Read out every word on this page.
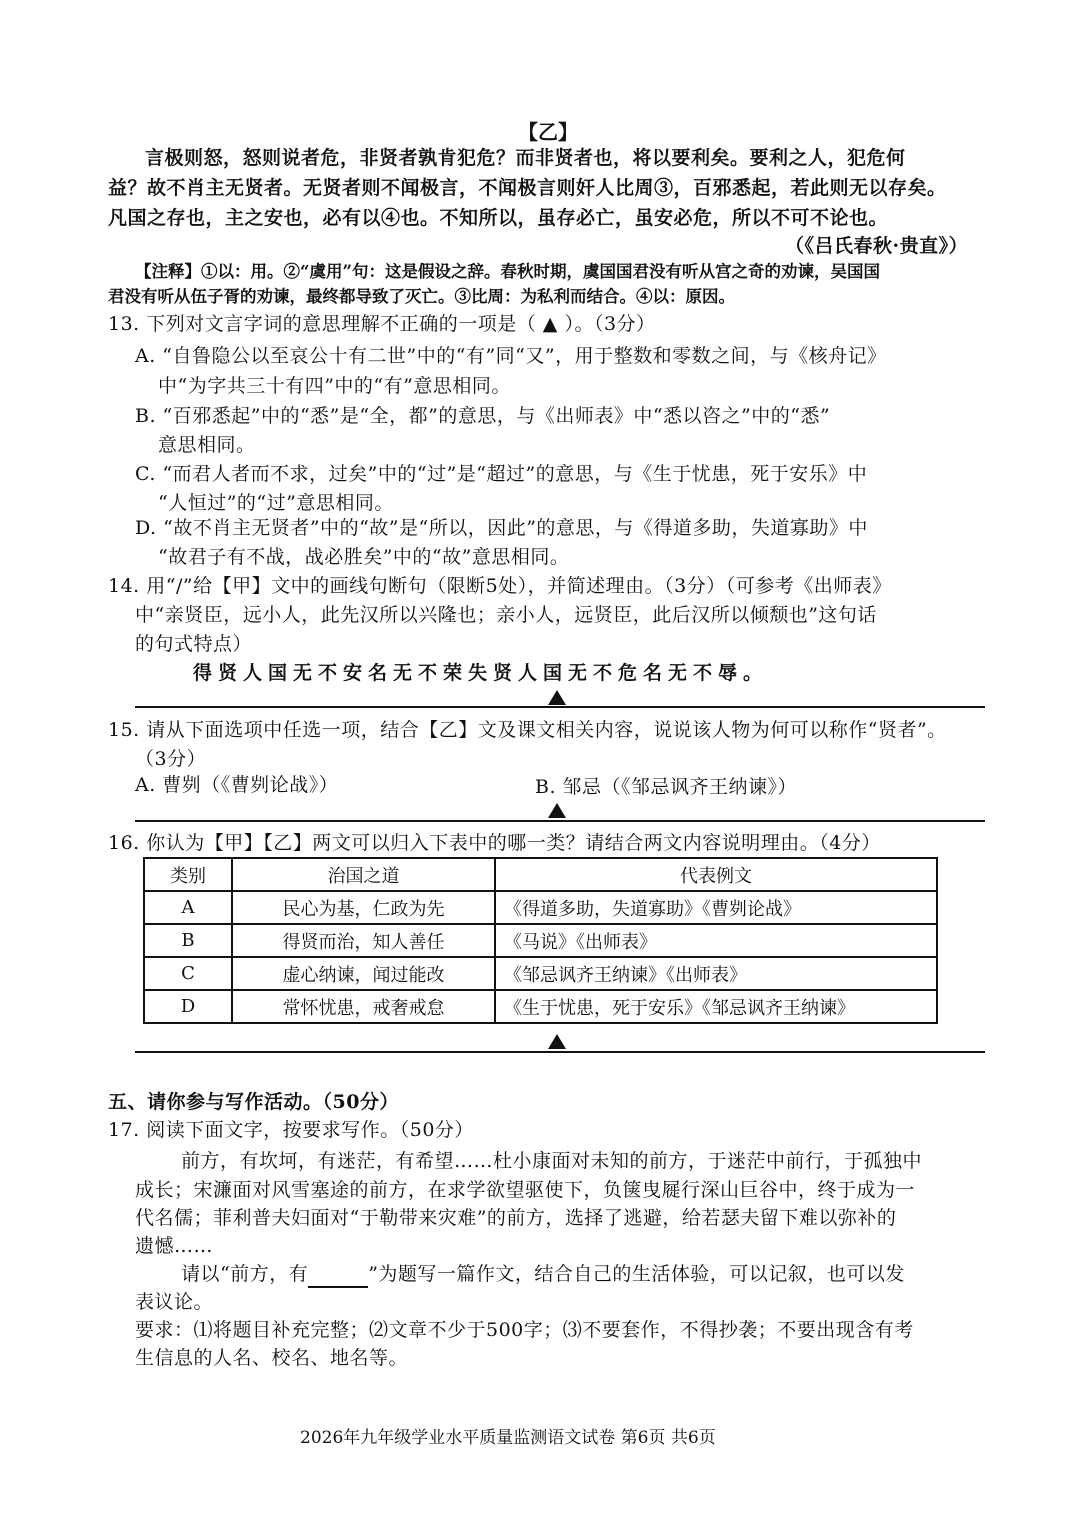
【乙】
言极则怒，怒则说者危，非贤者孰肯犯危？而非贤者也，将以要利矣。要利之人，犯危何
益？故不肖主无贤者。无贤者则不闻极言，不闻极言则奸人比周③，百邪悉起，若此则无以存矣。
凡国之存也，主之安也，必有以④也。不知所以，虽存必亡，虽安必危，所以不可不论也。
（《吕氏春秋·贵直》）
【注释】①以：用。②“虞用”句：这是假设之辞。春秋时期，虞国国君没有听从宫之奇的劝谏，吴国国
君没有听从伍子胥的劝谏，最终都导致了灭亡。③比周：为私利而结合。④以：原因。
13. 下列对文言字词的意思理解不正确的一项是（ ▲ ）。（3分）
A. “自鲁隐公以至哀公十有二世”中的“有”同“又”，用于整数和零数之间，与《核舟记》
中“为字共三十有四”中的“有”意思相同。
B. “百邪悉起”中的“悉”是“全，都”的意思，与《出师表》中“悉以咨之”中的“悉”
意思相同。
C. “而君人者而不求，过矣”中的“过”是“超过”的意思，与《生于忧患，死于安乐》中
“人恒过”的“过”意思相同。
D. “故不肖主无贤者”中的“故”是“所以，因此”的意思，与《得道多助，失道寡助》中
“故君子有不战，战必胜矣”中的“故”意思相同。
14. 用“/”给【甲】文中的画线句断句（限断5处），并简述理由。（3分）（可参考《出师表》
中“亲贤臣，远小人，此先汉所以兴隆也；亲小人，远贤臣，此后汉所以倾颓也”这句话
的句式特点）
得贤人国无不安名无不荣失贤人国无不危名无不辱。
15. 请从下面选项中任选一项，结合【乙】文及课文相关内容，说说该人物为何可以称作“贤者”。
（3分）
A. 曹刿（《曹刿论战》）	B. 邹忌（《邹忌讽齐王纳谏》）
16. 你认为【甲】【乙】两文可以归入下表中的哪一类？请结合两文内容说明理由。（4分）
类别	治国之道	代表例文
A	民心为基，仁政为先	《得道多助，失道寡助》《曹刿论战》
B	得贤而治，知人善任	《马说》《出师表》
C	虚心纳谏，闻过能改	《邹忌讽齐王纳谏》《出师表》
D	常怀忧患，戒奢戒怠	《生于忧患，死于安乐》《邹忌讽齐王纳谏》
五、请你参与写作活动。（50分）
17. 阅读下面文字，按要求写作。（50分）
前方，有坎坷，有迷茫，有希望……杜小康面对未知的前方，于迷茫中前行，于孤独中
成长；宋濂面对风雪塞途的前方，在求学欲望驱使下，负箧曳屣行深山巨谷中，终于成为一
代名儒；菲利普夫妇面对“于勒带来灾难”的前方，选择了逃避，给若瑟夫留下难以弥补的
遗憾……
请以“前方，有	”为题写一篇作文，结合自己的生活体验，可以记叙，也可以发
表议论。
要求：⑴将题目补充完整；⑵文章不少于500字；⑶不要套作，不得抄袭；不要出现含有考
生信息的人名、校名、地名等。
2026年九年级学业水平质量监测语文试卷 第6页 共6页
